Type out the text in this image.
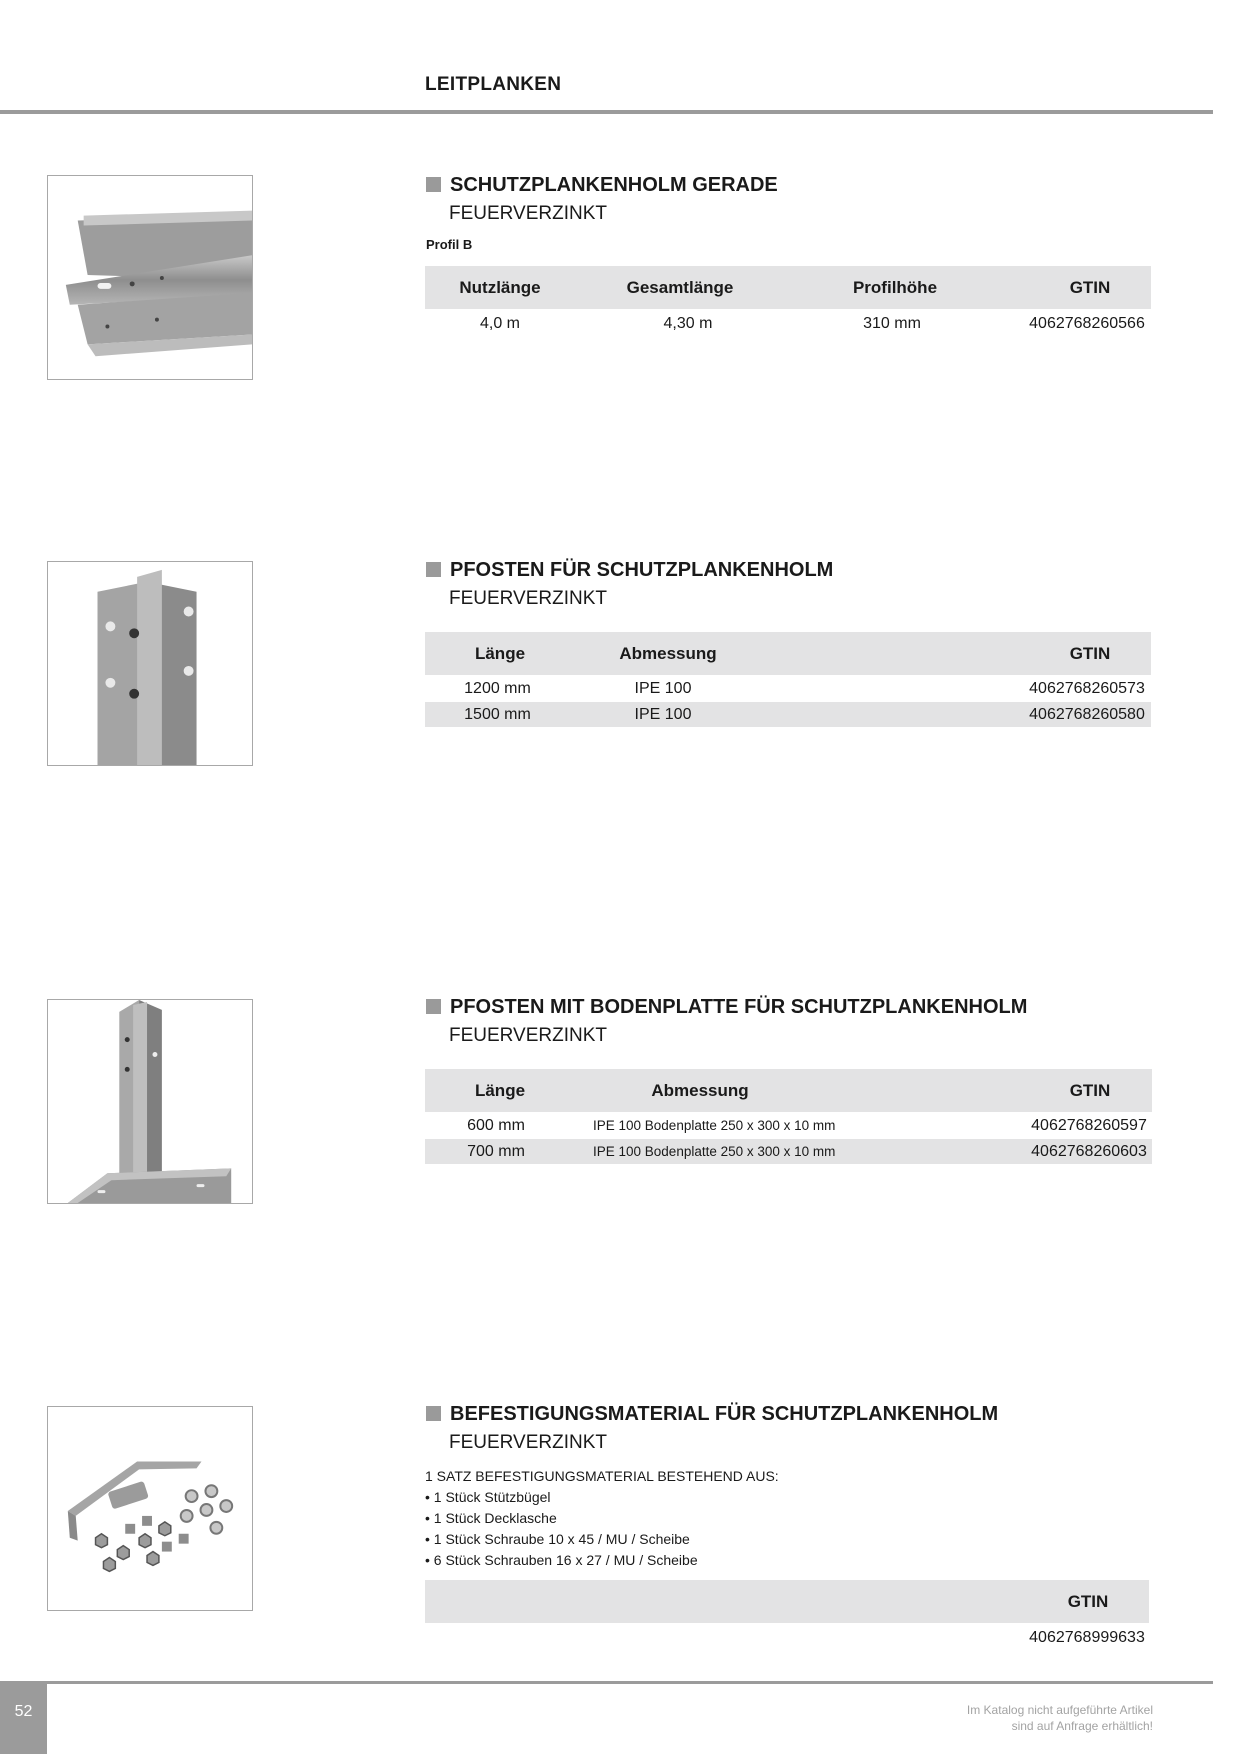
LEITPLANKEN
SCHUTZPLANKENHOLM GERADE
FEUERVERZINKT
Profil B
Nutzlänge	Gesamtlänge	Profilhöhe	GTIN
4,0 m	4,30 m	310 mm	4062768260566
PFOSTEN FÜR SCHUTZPLANKENHOLM
FEUERVERZINKT
Länge	Abmessung	GTIN
1200 mm	IPE 100	4062768260573
1500 mm	IPE 100	4062768260580
PFOSTEN MIT BODENPLATTE FÜR SCHUTZPLANKENHOLM
FEUERVERZINKT
Länge	Abmessung	GTIN
600 mm	IPE 100 Bodenplatte 250 x 300 x 10 mm	4062768260597
700 mm	IPE 100 Bodenplatte 250 x 300 x 10 mm	4062768260603
BEFESTIGUNGSMATERIAL FÜR SCHUTZPLANKENHOLM
FEUERVERZINKT
1 SATZ BEFESTIGUNGSMATERIAL BESTEHEND AUS:
• 1 Stück Stützbügel
• 1 Stück Decklasche
• 1 Stück Schraube 10 x 45 / MU / Scheibe
• 6 Stück Schrauben 16 x 27 / MU / Scheibe
GTIN
4062768999633
52	Im Katalog nicht aufgeführte Artikel
sind auf Anfrage erhältlich!
